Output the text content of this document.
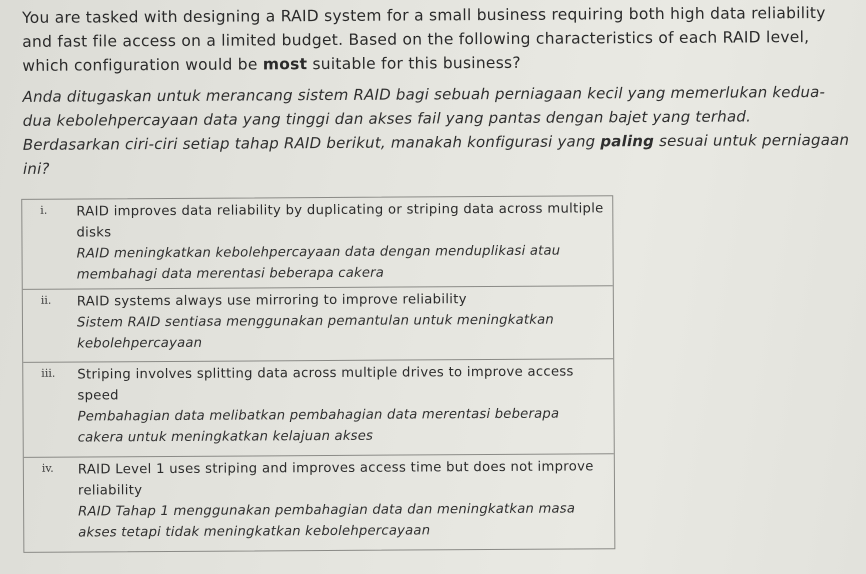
You are tasked with designing a RAID system for a small business requiring both high data reliability and fast file access on a limited budget. Based on the following characteristics of each RAID level, which configuration would be most suitable for this business?
Anda ditugaskan untuk merancang sistem RAID bagi sebuah perniagaan kecil yang memerlukan kedua-dua kebolehpercayaan data yang tinggi dan akses fail yang pantas dengan bajet yang terhad. Berdasarkan ciri-ciri setiap tahap RAID berikut, manakah konfigurasi yang paling sesuai untuk perniagaan ini?
i.	RAID improves data reliability by duplicating or striping data across multiple disks
RAID meningkatkan kebolehpercayaan data dengan menduplikasi atau membahagi data merentasi beberapa cakera
ii.	RAID systems always use mirroring to improve reliability
Sistem RAID sentiasa menggunakan pemantulan untuk meningkatkan kebolehpercayaan
iii.	Striping involves splitting data across multiple drives to improve access speed
Pembahagian data melibatkan pembahagian data merentasi beberapa cakera untuk meningkatkan kelajuan akses
iv.	RAID Level 1 uses striping and improves access time but does not improve reliability
RAID Tahap 1 menggunakan pembahagian data dan meningkatkan masa akses tetapi tidak meningkatkan kebolehpercayaan
